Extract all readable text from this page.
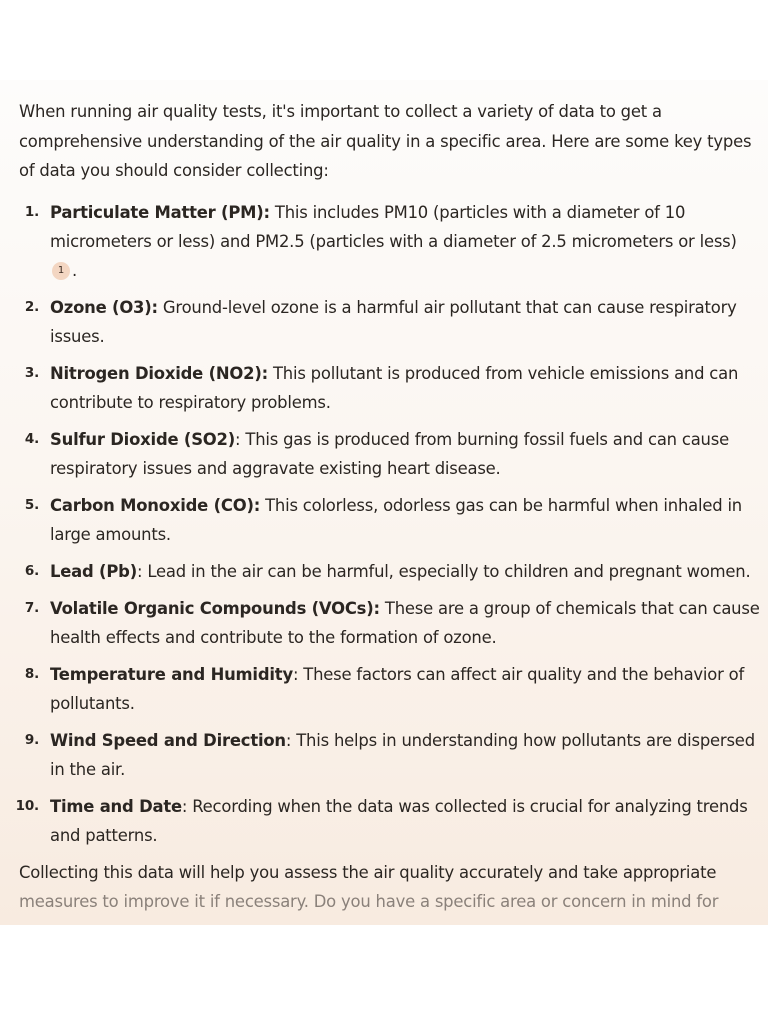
When running air quality tests, it's important to collect a variety of data to get a comprehensive understanding of the air quality in a specific area. Here are some key types of data you should consider collecting:

1. Particulate Matter (PM): This includes PM10 (particles with a diameter of 10 micrometers or less) and PM2.5 (particles with a diameter of 2.5 micrometers or less)
1 .
2. Ozone (O3): Ground-level ozone is a harmful air pollutant that can cause respiratory issues.
3. Nitrogen Dioxide (NO2): This pollutant is produced from vehicle emissions and can contribute to respiratory problems.
4. Sulfur Dioxide (SO2): This gas is produced from burning fossil fuels and can cause respiratory issues and aggravate existing heart disease.
5. Carbon Monoxide (CO): This colorless, odorless gas can be harmful when inhaled in large amounts.
6. Lead (Pb): Lead in the air can be harmful, especially to children and pregnant women.
7. Volatile Organic Compounds (VOCs): These are a group of chemicals that can cause health effects and contribute to the formation of ozone.
8. Temperature and Humidity: These factors can affect air quality and the behavior of pollutants.
9. Wind Speed and Direction: This helps in understanding how pollutants are dispersed in the air.
10. Time and Date: Recording when the data was collected is crucial for analyzing trends and patterns.

Collecting this data will help you assess the air quality accurately and take appropriate
measures to improve it if necessary. Do you have a specific area or concern in mind for
